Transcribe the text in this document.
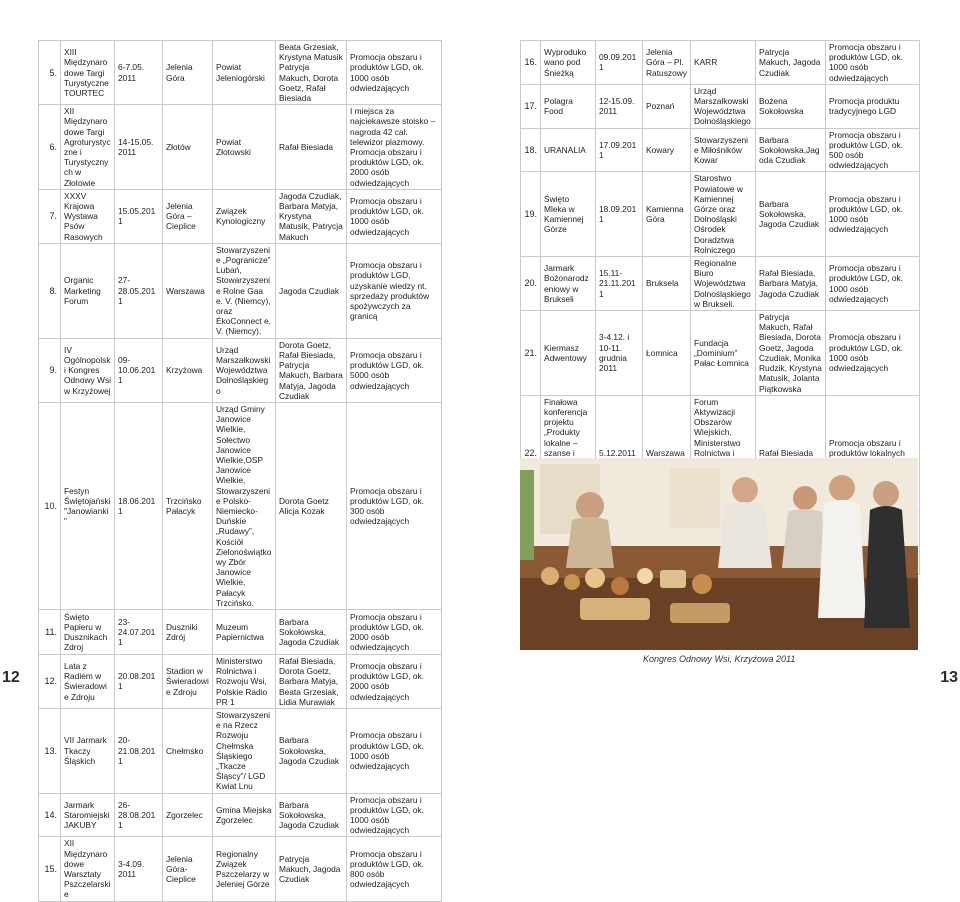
5.	XIII Międzynarodowe Targi Turystyczne TOURTEC	6-7.05. 2011	Jelenia Góra	Powiat Jeleniogórski	Beata Grzesiak, Krystyna Matusik Patrycja Makuch, Dorota Goetz, Rafał Biesiada	Promocja obszaru i produktów LGD, ok. 1000 osób odwiedzających
6.	XII Międzynarodowe Targi Agroturystyczne i Turystycznych w Złotowie	14-15.05. 2011	Złotów	Powiat Złotowski	Rafał Biesiada	I miejsca za najciekawsze stoisko – nagroda 42 cal. telewizor plazmowy. Promocja obszaru i produktów LGD, ok. 2000 osób odwiedzających
7.	XXXV Krajowa Wystawa Psów Rasowych	15.05.2011	Jelenia Góra – Cieplice	Związek Kynologiczny	Jagoda Czudiak, Barbara Matyja, Krystyna Matusik, Patrycja Makuch	Promocja obszaru i produktów LGD, ok. 1000 osób odwiedzających
8.	Organic Marketing Forum	27-28.05.2011	Warszawa	Stowarzyszenie „Pogranicze” Lubań, Stowarzyszenie Rolne Gaa e. V. (Niemcy), oraz ÉkoConnect e. V. (Niemcy).	Jagoda Czudiak	Promocja obszaru i produktów LGD, uzyskanie wiedzy nt. sprzedaży produktów spożywczych za granicą
9.	IV Ogólnopolski Kongres Odnowy Wsi w Krzyżowej	09-10.06.2011	Krzyżowa	Urząd Marszałkowski Województwa Dolnośląskiego	Dorota Goetz, Rafał Biesiada, Patrycja Makuch, Barbara Matyja, Jagoda Czudiak	Promocja obszaru i produktów LGD, ok. 5000 osób odwiedzających
10.	Festyn Świętojański "Janowianki"	18.06.2011	Trzcińsko Pałacyk	Urząd Gminy Janowice Wielkie, Sołectwo Janowice Wielkie,OSP Janowice Wielkie, Stowarzyszenie Polsko-Niemiecko-Duńskie „Rudawy”, Kościół Zielonoświątkowy Zbór Janowice Wielkie, Pałacyk Trzcińsko.	Dorota Goetz Alicja Kozak	Promocja obszaru i produktów LGD, ok. 300 osób odwiedzających
11.	Święto Papieru w Dusznikach Zdroj	23-24.07.2011	Duszniki Zdrój	Muzeum Papiernictwa	Barbara Sokołowska, Jagoda Czudiak	Promocja obszaru i produktów LGD, ok. 2000 osób odwiedzających
12.	Lata z Radiem w Świeradowie Zdroju	20.08.2011	Stadion w Świeradowie Zdroju	Ministerstwo Rolnictwa i Rozwoju Wsi, Polskie Radio PR 1	Rafał Biesiada, Dorota Goetz, Barbara Matyja, Beata Grzesiak, Lidia Murawiak	Promocja obszaru i produktów LGD, ok. 2000 osób odwiedzających
13.	VII Jarmark Tkaczy Śląskich	20-21.08.2011	Chełmsko	Stowarzyszenie na Rzecz Rozwoju Chełmska Śląskiego „Tkacze Śląscy”/ LGD Kwiat Lnu	Barbara Sokołowska, Jagoda Czudiak	Promocja obszaru i produktów LGD, ok. 1000 osób odwiedzających
14.	Jarmark Staromiejski JAKUBY	26-28.08.2011	Zgorzelec	Gmina Miejska Zgorzelec	Barbara Sokołowska, Jagoda Czudiak	Promocja obszaru i produktów LGD, ok. 1000 osób odwiedzających
15.	XII Międzynarodowe Warsztaty Pszczelarskie	3-4.09. 2011	Jelenia Góra-Cieplice	Regionalny Związek Pszczelarzy w Jeleniej Górze	Patrycja Makuch, Jagoda Czudiak	Promocja obszaru i produktów LGD, ok. 800 osób odwiedzających
12
16.	Wyprodukowano pod Śnieżką	09.09.2011	Jelenia Góra – Pl. Ratuszowy	KARR	Patrycja Makuch, Jagoda Czudiak	Promocja obszaru i produktów LGD, ok. 1000 osób odwiedzających
17.	Polagra Food	12-15.09. 2011	Poznań	Urząd Marszałkowski Województwa Dolnośląskiego	Bożena Sokołowska	Promocja produktu tradycyjnego LGD
18.	URANALIA	17.09.2011	Kowary	Stowarzyszenie Miłośników Kowar	Barbara Sokołowska,Jagoda Czudiak	Promocja obszaru i produktów LGD, ok. 500 osób odwiedzających
19.	Święto Mleka w Kamiennej Górze	18.09.2011	Kamienna Góra	Starostwo Powiatowe w Kamiennej Górze oraz Dolnośląski Ośrodek Doradztwa Rolniczego	Barbara Sokołowska, Jagoda Czudiak	Promocja obszaru i produktów LGD, ok. 1000 osób odwiedzających
20.	Jarmark Bożonarodzeniowy w Brukseli	15.11-21.11.2011	Bruksela	Regionalne Biuro Województwa Dolnośląskiego w Brukseli.	Rafał Biesiada, Barbara Matyja, Jagoda Czudiak	Promocja obszaru i produktów LGD, ok. 1000 osób odwiedzających
21.	Kiermasz Adwentowy	3-4.12. i 10-11. grudnia 2011	Łomnica	Fundacja „Dominium” Pałac Łomnica	Patrycja Makuch, Rafał Biesiada, Dorota Goetz, Jagoda Czudiak, Monika Rudzik, Krystyna Matusik, Jolanta Piątkowska	Promocja obszaru i produktów LGD, ok. 1000 osób odwiedzających
22.	Finałowa konferencja projektu „Produkty lokalne – szanse i	5.12.2011	Warszawa	Forum Aktywizacji Obszarów Wiejskich, Ministerstwo Rolnictwa i	Rafał Biesiada	Promocja obszaru i produktów lokalnych

13
Kongres Odnowy Wsi, Krzyżowa 2011
